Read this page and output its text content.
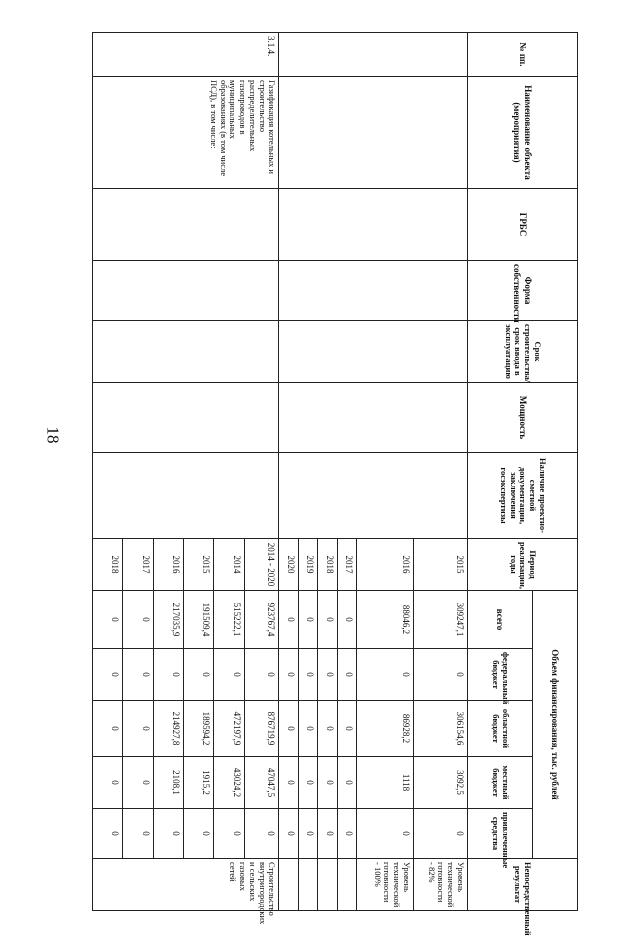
18
№ пп.	Наименование объекта (мероприятия)	ГРБС	Форма собственности	Срок строительства/срок ввода в эксплуатацию	Мощность	Наличие проектно-сметной документации, заключения госэкспертизы	Период реализации, годы	Объем финансирования, тыс. рублей					Непосредственный результат
								всего	федеральный бюджет	областной бюджет	местный бюджет	привлеченные средства	
							2015	309247,1	0	306154,6	3092,5	0	Уровень технической готовности - 82%
							2016	88046,2	0	86928,2	1118	0	Уровень технической готовности - 100%
							2017	0	0	0	0	0	
							2018	0	0	0	0	0	
							2019	0	0	0	0	0	
							2020	0	0	0	0	0	
3.1.4.	Газификация котельных и строительство распределительных газопроводов в муниципальных образованиях (в том числе ПСД), в том числе:						2014 - 2020	923767,4	0	876719,9	47047,5	0	Строительство внутригородских и сельских газовых сетей
							2014	515222,1	0	472197,9	43024,2	0	
							2015	191509,4	0	189594,2	1915,2	0	
							2016	217035,9	0	214927,8	2108,1	0	
							2017	0	0	0	0	0	
							2018	0	0	0	0	0	
